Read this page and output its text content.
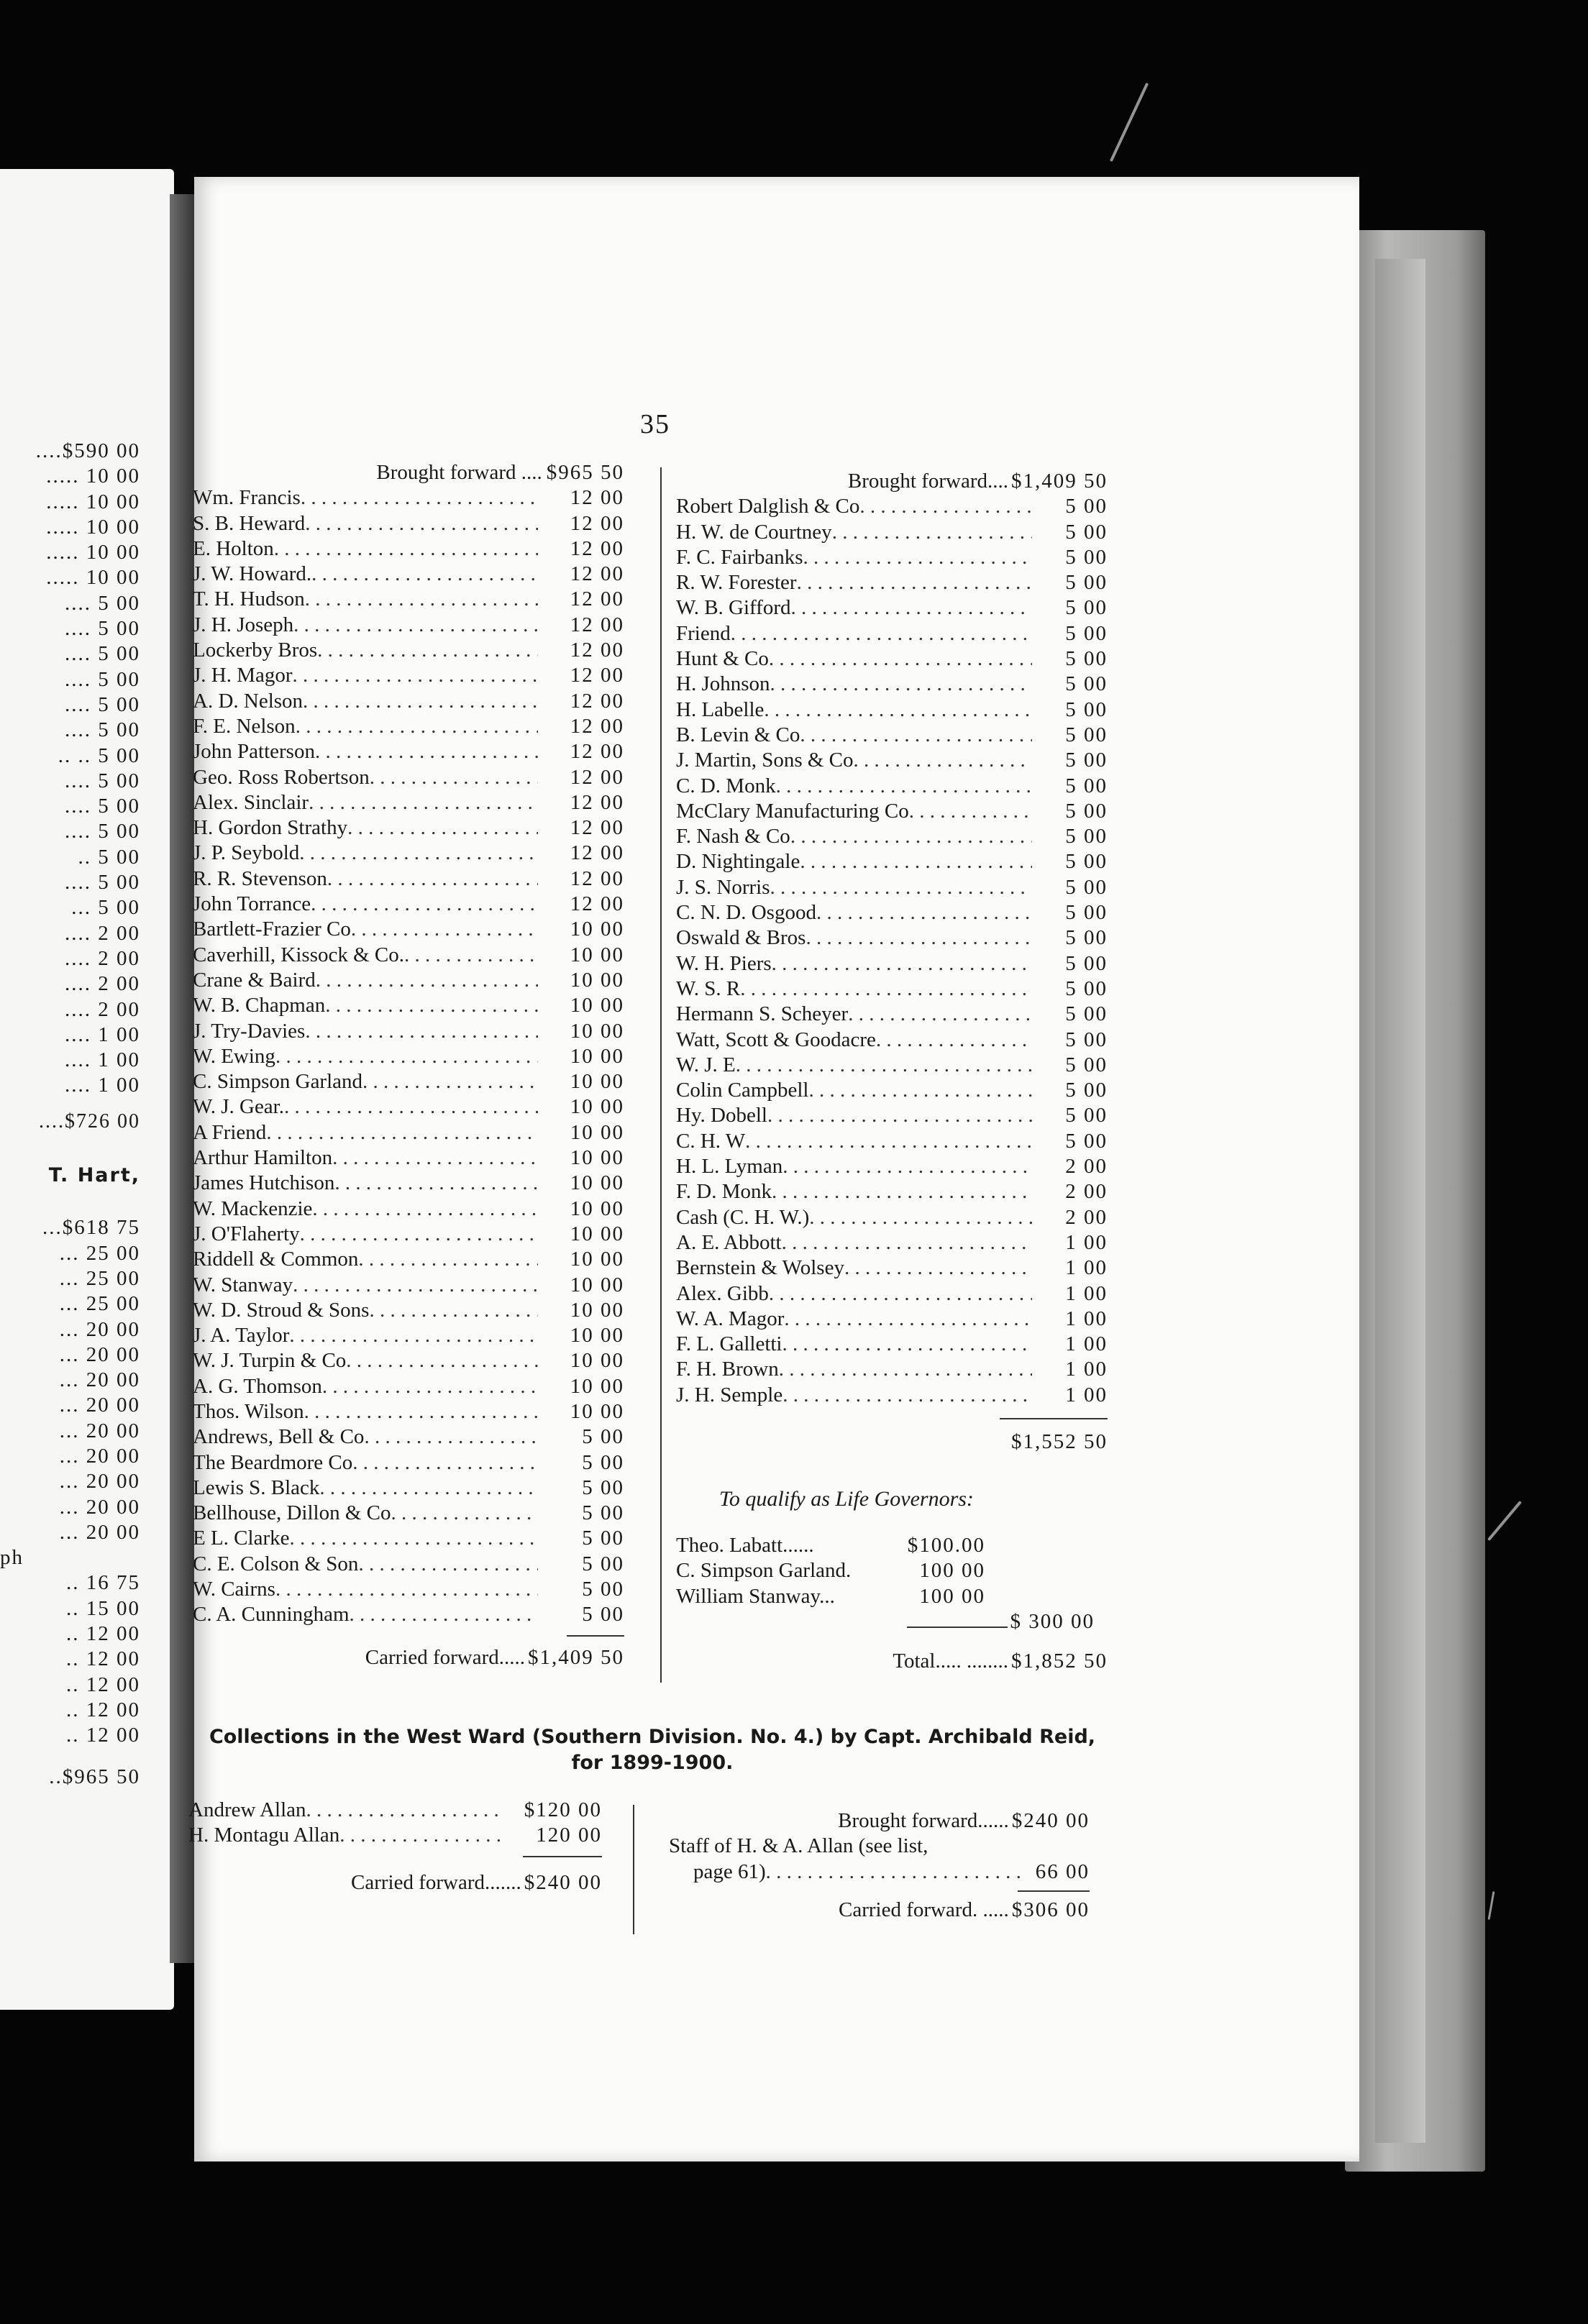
35
....$590 00
..... 10 00
..... 10 00
..... 10 00
..... 10 00
..... 10 00
.... 5 00
.... 5 00
.... 5 00
.... 5 00
.... 5 00
.... 5 00
.. .. 5 00
.... 5 00
.... 5 00
.... 5 00
.. 5 00
.... 5 00
... 5 00
.... 2 00
.... 2 00
.... 2 00
.... 2 00
.... 1 00
.... 1 00
.... 1 00
....$726 00
T. Hart,
...$618 75
... 25 00
... 25 00
... 25 00
... 20 00
... 20 00
... 20 00
... 20 00
... 20 00
... 20 00
... 20 00
... 20 00
... 20 00
ph
.. 16 75
.. 15 00
.. 12 00
.. 12 00
.. 12 00
.. 12 00
.. 12 00
..$965 50
Brought forward .... $965 50
Wm. Francis . . .	12 00
S. B. Heward . . .	12 00
E. Holton . . .	12 00
J. W. Howard. . . .	12 00
T. H. Hudson . . .	12 00
J. H. Joseph . . .	12 00
Lockerby Bros . . .	12 00
J. H. Magor . . .	12 00
A. D. Nelson . . .	12 00
F. E. Nelson . . .	12 00
John Patterson . . .	12 00
Geo. Ross Robertson . . .	12 00
Alex. Sinclair . . .	12 00
H. Gordon Strathy . . .	12 00
J. P. Seybold . . .	12 00
R. R. Stevenson . . .	12 00
John Torrance . . .	12 00
Bartlett-Frazier Co . . .	10 00
Caverhill, Kissock & Co. . . .	10 00
Crane & Baird . . .	10 00
W. B. Chapman . . .	10 00
J. Try-Davies . . .	10 00
W. Ewing . . .	10 00
C. Simpson Garland . . .	10 00
W. J. Gear. . . .	10 00
A Friend . . .	10 00
Arthur Hamilton . . .	10 00
James Hutchison . . .	10 00
W. Mackenzie . . .	10 00
J. O'Flaherty . . .	10 00
Riddell & Common . . .	10 00
W. Stanway . . .	10 00
W. D. Stroud & Sons . . .	10 00
J. A. Taylor . . .	10 00
W. J. Turpin & Co . . .	10 00
A. G. Thomson . . .	10 00
Thos. Wilson . . .	10 00
Andrews, Bell & Co . . .	5 00
The Beardmore Co . . .	5 00
Lewis S. Black . . .	5 00
Bellhouse, Dillon & Co . . .	5 00
E L. Clarke . . .	5 00
C. E. Colson & Son . . .	5 00
W. Cairns . . .	5 00
C. A. Cunningham . . .	5 00
Carried forward..... $1,409 50
Brought forward.... $1,409 50
Robert Dalglish & Co . . .	5 00
H. W. de Courtney . . .	5 00
F. C. Fairbanks . . .	5 00
R. W. Forester . . .	5 00
W. B. Gifford . . .	5 00
Friend . . .	5 00
Hunt & Co . . .	5 00
H. Johnson . . .	5 00
H. Labelle . . .	5 00
B. Levin & Co . . .	5 00
J. Martin, Sons & Co . . .	5 00
C. D. Monk . . .	5 00
McClary Manufacturing Co . . .	5 00
F. Nash & Co . . .	5 00
D. Nightingale . . .	5 00
J. S. Norris . . .	5 00
C. N. D. Osgood . . .	5 00
Oswald & Bros . . .	5 00
W. H. Piers . . .	5 00
W. S. R . . .	5 00
Hermann S. Scheyer . . .	5 00
Watt, Scott & Goodacre . . .	5 00
W. J. E . . .	5 00
Colin Campbell . . .	5 00
Hy. Dobell . . .	5 00
C. H. W . . .	5 00
H. L. Lyman . . .	2 00
F. D. Monk . . .	2 00
Cash (C. H. W.) . . .	2 00
A. E. Abbott . . .	1 00
Bernstein & Wolsey . . .	1 00
Alex. Gibb . . .	1 00
W. A. Magor . . .	1 00
F. L. Galletti . . .	1 00
F. H. Brown . . .	1 00
J. H. Semple . . .	1 00
$1,552 50
To qualify as Life Governors:
Theo. Labatt......	$100.00
C. Simpson Garland.	100 00
William Stanway...	100 00
$ 300 00
Total..... ........ $1,852 50
Collections in the West Ward (Southern Division. No. 4.) by Capt. Archibald Reid,
for 1899-1900.
Andrew Allan . . .	$120 00
H. Montagu Allan . . .	120 00
Carried forward....... $240 00
Brought forward...... $240 00
Staff of H. & A. Allan (see list,
page 61) . . .	66 00
Carried forward. ..... $306 00
